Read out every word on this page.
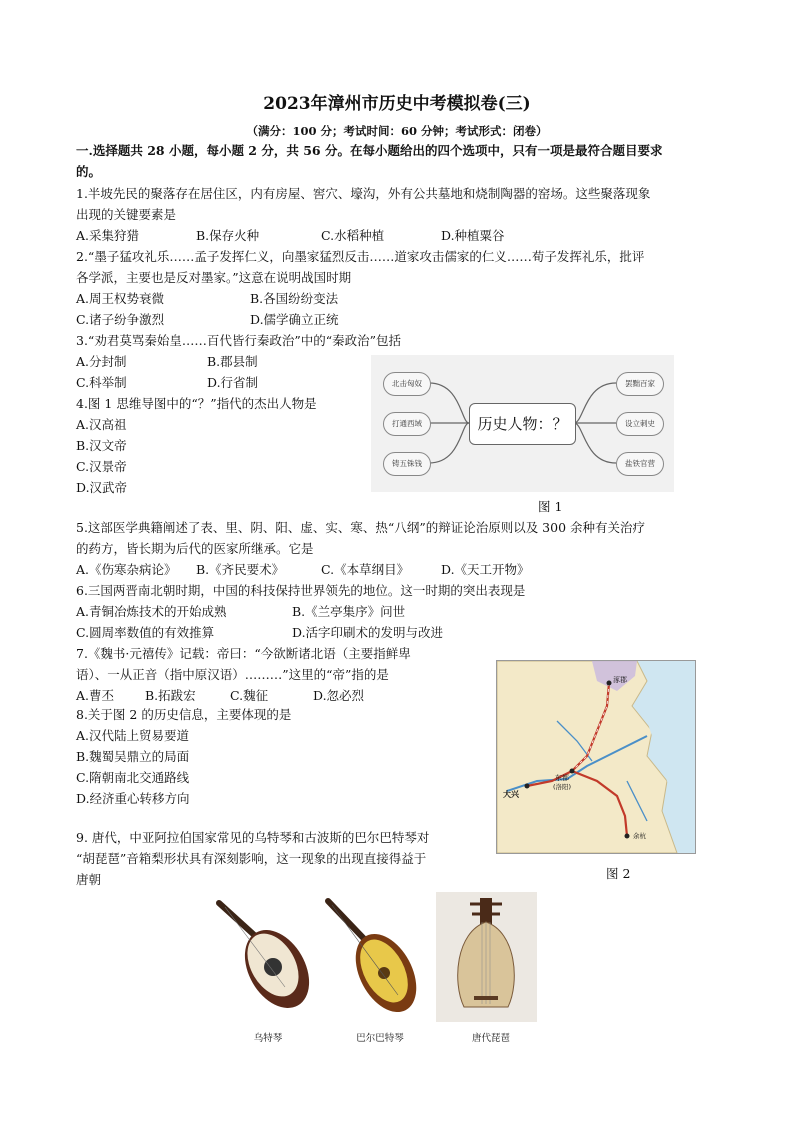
2023年漳州市历史中考模拟卷(三)
（满分：100 分；考试时间：60 分钟；考试形式：闭卷）
一.选择题共 28 小题，每小题 2 分，共 56 分。在每小题给出的四个选项中，只有一项是最符合题目要求
的。
1.半坡先民的聚落存在居住区，内有房屋、窖穴、壕沟，外有公共墓地和烧制陶器的窑场。这些聚落现象
出现的关键要素是
A.采集狩猎	B.保存火种	C.水稻种植	D.种植粟谷
2.“墨子猛攻礼乐……孟子发挥仁义，向墨家猛烈反击……道家攻击儒家的仁义……荀子发挥礼乐，批评
各学派，主要也是反对墨家。”这意在说明战国时期
A.周王权势衰微	B.各国纷纷变法
C.诸子纷争激烈	D.儒学确立正统
3.“劝君莫骂秦始皇……百代皆行秦政治”中的“秦政治”包括
A.分封制	B.郡县制
C.科举制	D.行省制
4.图 1 思维导图中的“？”指代的杰出人物是
A.汉高祖
B.汉文帝
C.汉景帝
D.汉武帝
北击匈奴
打通西域
铸五铢钱
历史人物：？
罢黜百家
设立刺史
盐铁官营
图 1
5.这部医学典籍阐述了表、里、阴、阳、虚、实、寒、热“八纲”的辩证论治原则以及 300 余种有关治疗
的药方，皆长期为后代的医家所继承。它是
A.《伤寒杂病论》 B.《齐民要术》	C.《本草纲目》	D.《天工开物》
6.三国两晋南北朝时期，中国的科技保持世界领先的地位。这一时期的突出表现是
A.青铜冶炼技术的开始成熟	B.《兰亭集序》问世
C.圆周率数值的有效推算	D.活字印刷术的发明与改进
7.《魏书·元禧传》记载：帝曰：“今欲断诸北语（主要指鲜卑
语）、一从正音（指中原汉语）………”这里的“帝”指的是
A.曹丕 B.拓跋宏	C.魏征	D.忽必烈
8.关于图 2 的历史信息，主要体现的是
A.汉代陆上贸易要道
B.魏蜀吴鼎立的局面
C.隋朝南北交通路线
D.经济重心转移方向
涿郡
大兴
东都
(洛阳)
余杭
图 2
9. 唐代，中亚阿拉伯国家常见的乌特琴和古波斯的巴尔巴特琴对
“胡琵琶”音箱梨形状具有深刻影响，这一现象的出现直接得益于
唐朝
乌特琴	巴尔巴特琴	唐代琵琶
